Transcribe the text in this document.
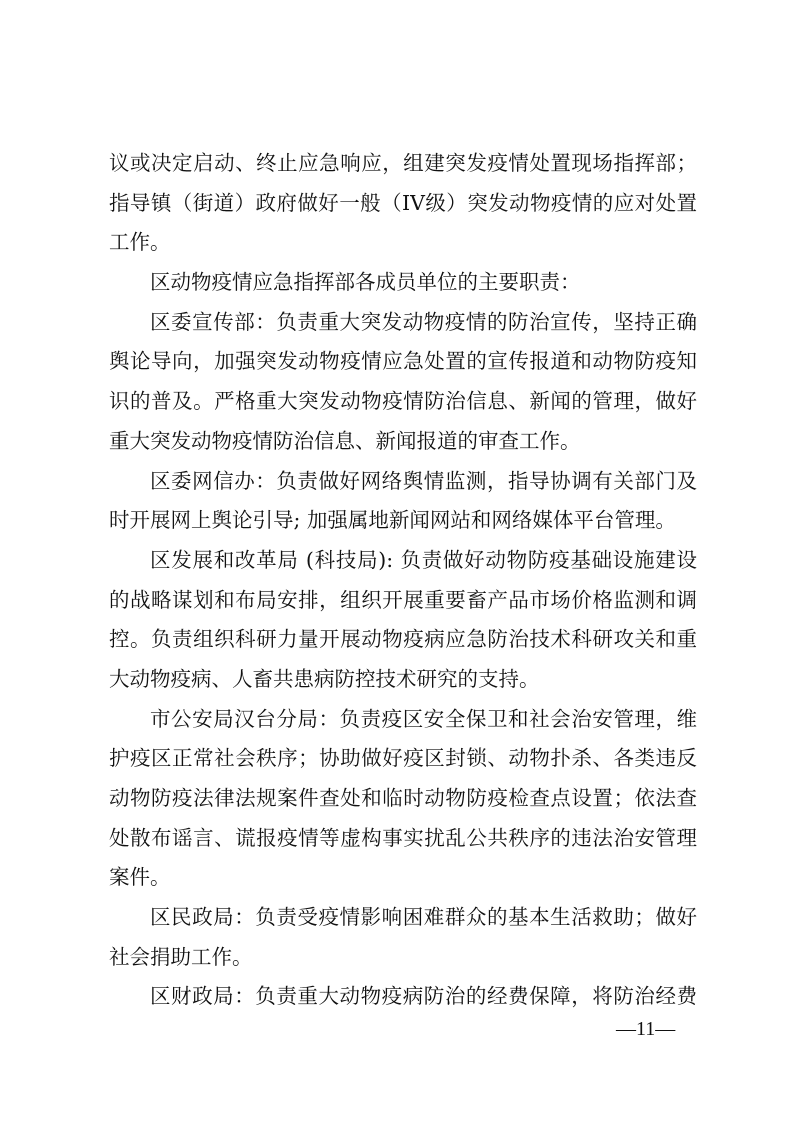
议或决定启动、终止应急响应，组建突发疫情处置现场指挥部；
指导镇（街道）政府做好一般（IV级）突发动物疫情的应对处置
工作。
区动物疫情应急指挥部各成员单位的主要职责：
区委宣传部：负责重大突发动物疫情的防治宣传，坚持正确
舆论导向，加强突发动物疫情应急处置的宣传报道和动物防疫知
识的普及。严格重大突发动物疫情防治信息、新闻的管理，做好
重大突发动物疫情防治信息、新闻报道的审查工作。
区委网信办：负责做好网络舆情监测，指导协调有关部门及
时开展网上舆论引导; 加强属地新闻网站和网络媒体平台管理。
区发展和改革局 (科技局): 负责做好动物防疫基础设施建设
的战略谋划和布局安排，组织开展重要畜产品市场价格监测和调
控。负责组织科研力量开展动物疫病应急防治技术科研攻关和重
大动物疫病、人畜共患病防控技术研究的支持。
市公安局汉台分局：负责疫区安全保卫和社会治安管理，维
护疫区正常社会秩序；协助做好疫区封锁、动物扑杀、各类违反
动物防疫法律法规案件查处和临时动物防疫检查点设置；依法查
处散布谣言、谎报疫情等虚构事实扰乱公共秩序的违法治安管理
案件。
区民政局：负责受疫情影响困难群众的基本生活救助；做好
社会捐助工作。
区财政局：负责重大动物疫病防治的经费保障，将防治经费
—11—
